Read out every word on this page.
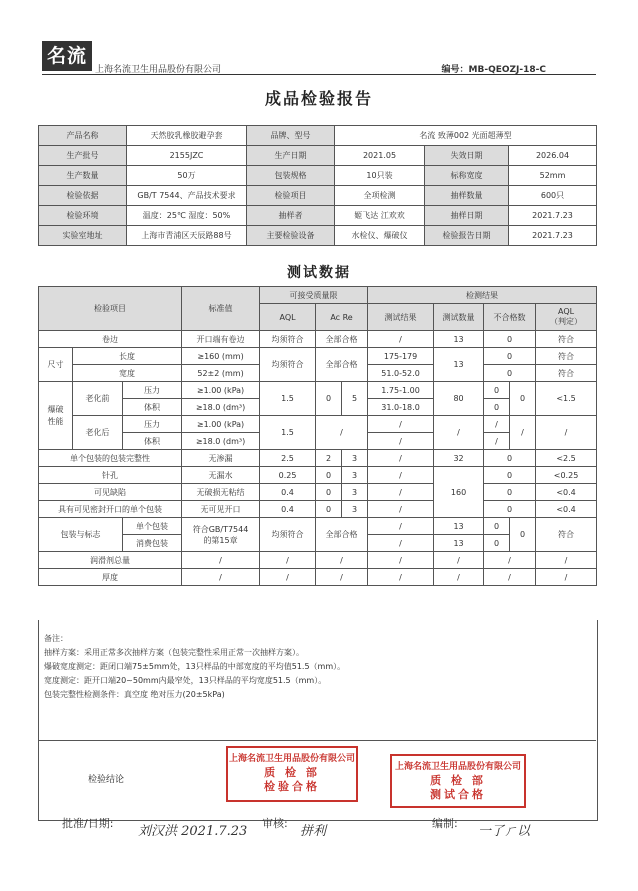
名流
上海名流卫生用品股份有限公司	编号：MB-QEOZJ-18-C
成品检验报告
产品名称	天然胶乳橡胶避孕套	品牌、型号	名流 致薄002 光面超薄型		
生产批号	2155JZC	生产日期	2021.05	失效日期	2026.04
生产数量	50万	包装规格	10只装	标称宽度	52mm
检验依据	GB/T 7544、产品技术要求	检验项目	全项检测	抽样数量	600只
检验环境	温度：25℃ 湿度：50%	抽样者	姬飞达 江欢欢	抽样日期	2021.7.23
实验室地址	上海市青浦区天辰路88号	主要检验设备	水检仪、爆破仪	检验报告日期	2021.7.23
测试数据
检验项目			标准值	可接受质量限			检测结果				
				AQL	Ac Re		测试结果	测试数量	不合格数		AQL
（判定）
卷边			开口端有卷边	均须符合	全部合格		/	13	0		符合
尺寸	长度		≥160 (mm)	均须符合	全部合格		175-179	13	0		符合
	宽度		52±2 (mm)				51.0-52.0		0		符合
爆破
性能	老化前	压力	≥1.00 (kPa)	1.5	0	5	1.75-1.00	80	0	0	<1.5
		体积	≥18.0 (dm³)				31.0-18.0		0		
	老化后	压力	≥1.00 (kPa)	1.5	/		/	/	/	/	/
		体积	≥18.0 (dm³)				/		/		
单个包装的包装完整性			无渗漏	2.5	2	3	/	32	0		<2.5
针孔			无漏水	0.25	0	3	/	160	0		<0.25
可见缺陷			无破损无粘结	0.4	0	3	/		0		<0.4
具有可见密封开口的单个包装			无可见开口	0.4	0	3	/		0		<0.4
包装与标志		单个包装	符合GB/T7544
的第15章	均须符合	全部合格		/	13	0	0	符合
		消费包装					/	13	0		
润滑剂总量			/	/	/		/	/	/		/
厚度			/	/	/		/	/	/		/
备注：
抽样方案：采用正常多次抽样方案（包装完整性采用正常一次抽样方案）。
爆破宽度测定：距闭口端75±5mm处，13只样品的中部宽度的平均值51.5（mm）。
宽度测定：距开口端20~50mm内最窄处，13只样品的平均宽度51.5（mm）。
包装完整性检测条件：真空度 绝对压力(20±5kPa)
检验结论
上海名流卫生用品股份有限公司
质 检 部
检验合格
上海名流卫生用品股份有限公司
质 检 部
测试合格
批准/日期:
刘汉洪 2021.7.23
审核:
拼利
编制:
一了ㄏ以
